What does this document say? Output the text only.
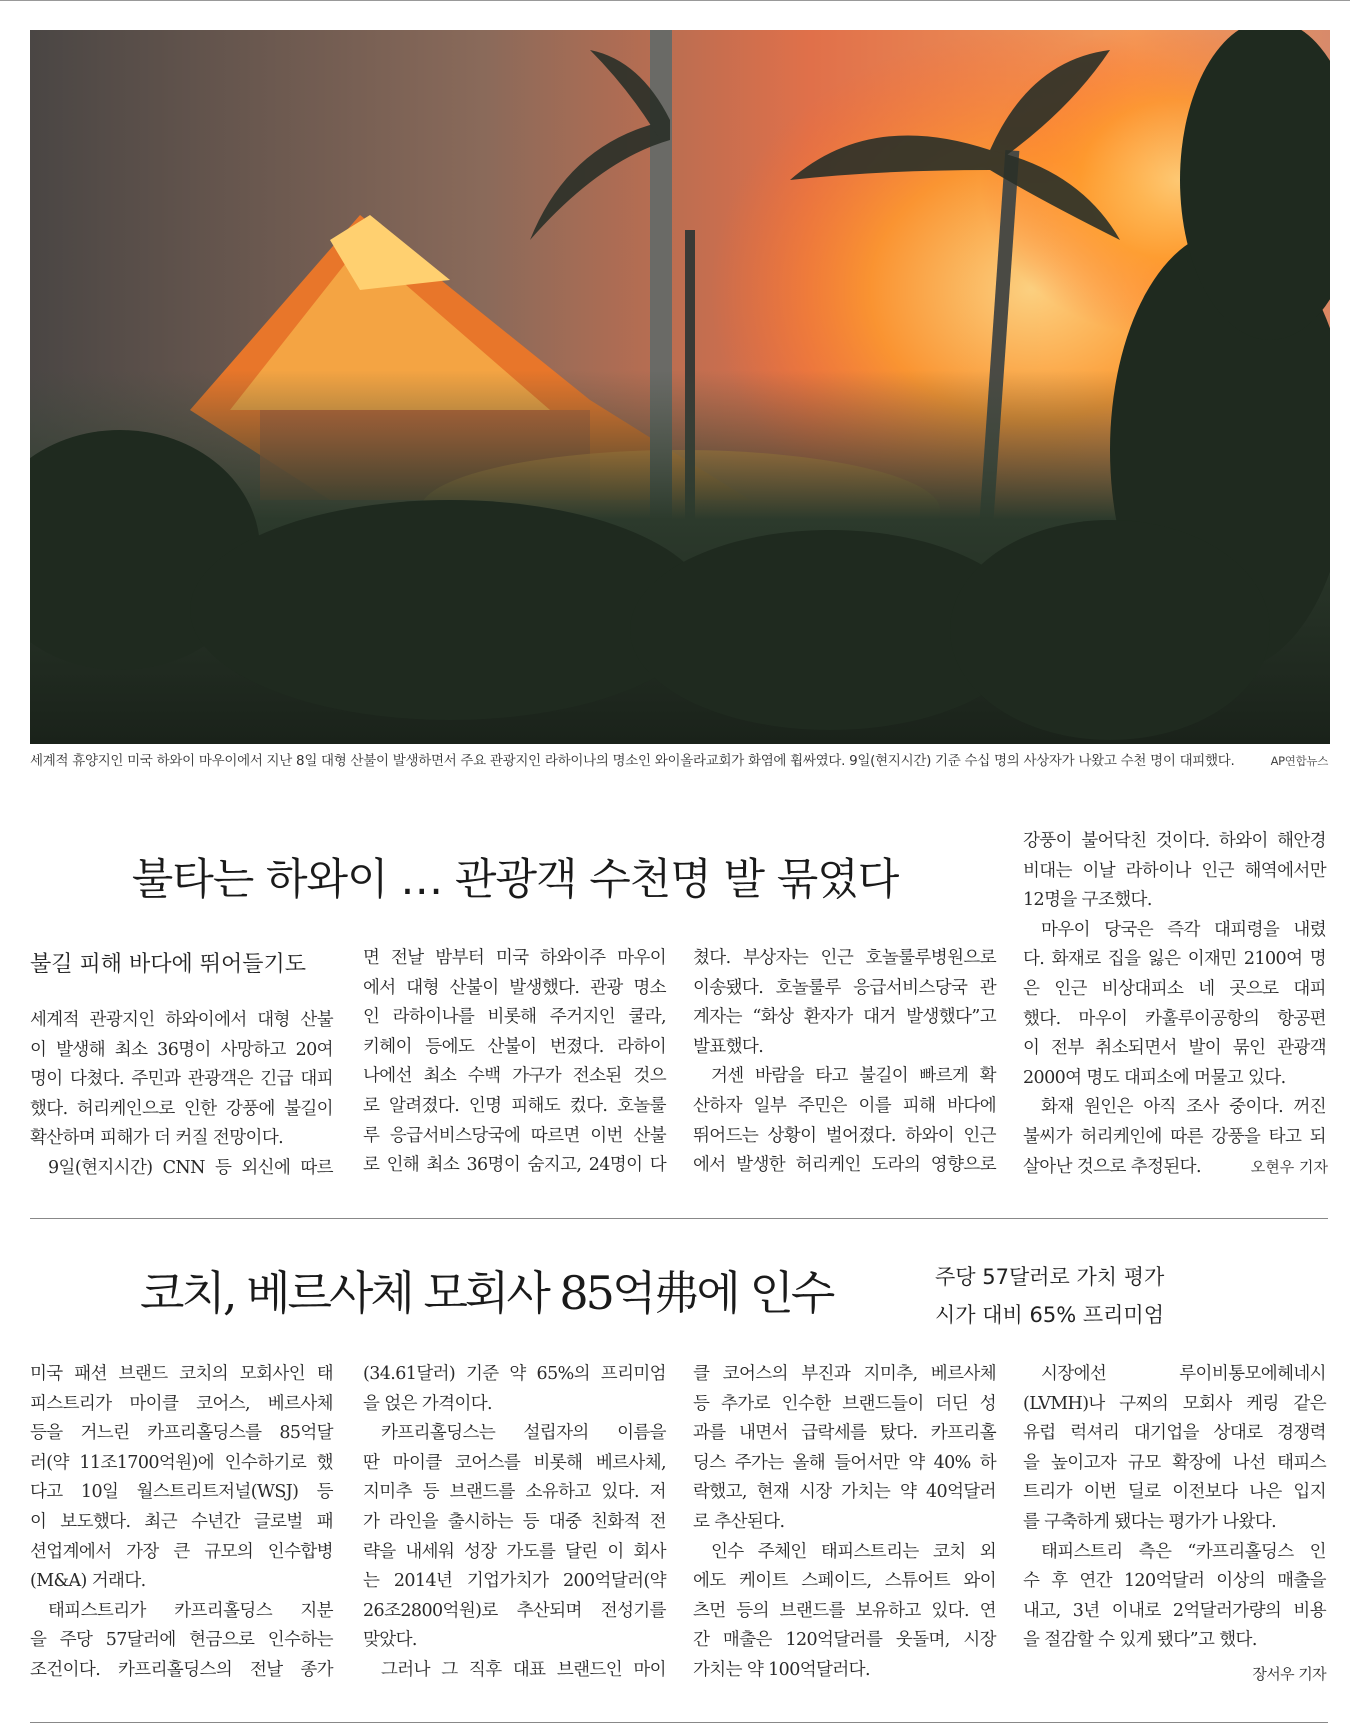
세계적 휴양지인 미국 하와이 마우이에서 지난 8일 대형 산불이 발생하면서 주요 관광지인 라하이나의 명소인 와이올라교회가 화염에 휩싸였다. 9일(현지시간) 기준 수십 명의 사상자가 나왔고 수천 명이 대피했다.	AP연합뉴스
불타는 하와이 … 관광객 수천명 발 묶였다
불길 피해 바다에 뛰어들기도
세계적 관광지인 하와이에서 대형 산불
이 발생해 최소 36명이 사망하고 20여
명이 다쳤다. 주민과 관광객은 긴급 대피
했다. 허리케인으로 인한 강풍에 불길이
확산하며 피해가 더 커질 전망이다.
9일(현지시간) CNN 등 외신에 따르
면 전날 밤부터 미국 하와이주 마우이
에서 대형 산불이 발생했다. 관광 명소
인 라하이나를 비롯해 주거지인 쿨라,
키헤이 등에도 산불이 번졌다. 라하이
나에선 최소 수백 가구가 전소된 것으
로 알려졌다. 인명 피해도 컸다. 호놀룰
루 응급서비스당국에 따르면 이번 산불
로 인해 최소 36명이 숨지고, 24명이 다
쳤다. 부상자는 인근 호놀룰루병원으로
이송됐다. 호놀룰루 응급서비스당국 관
계자는 “화상 환자가 대거 발생했다”고
발표했다.
거센 바람을 타고 불길이 빠르게 확
산하자 일부 주민은 이를 피해 바다에
뛰어드는 상황이 벌어졌다. 하와이 인근
에서 발생한 허리케인 도라의 영향으로
강풍이 불어닥친 것이다. 하와이 해안경
비대는 이날 라하이나 인근 해역에서만
12명을 구조했다.
마우이 당국은 즉각 대피령을 내렸
다. 화재로 집을 잃은 이재민 2100여 명
은 인근 비상대피소 네 곳으로 대피
했다. 마우이 카훌루이공항의 항공편
이 전부 취소되면서 발이 묶인 관광객
2000여 명도 대피소에 머물고 있다.
화재 원인은 아직 조사 중이다. 꺼진
불씨가 허리케인에 따른 강풍을 타고 되
살아난 것으로 추정된다.	오현우 기자
코치, 베르사체 모회사 85억弗에 인수	주당 57달러로 가치 평가
시가 대비 65% 프리미엄
미국 패션 브랜드 코치의 모회사인 태
피스트리가 마이클 코어스, 베르사체
등을 거느린 카프리홀딩스를 85억달
러(약 11조1700억원)에 인수하기로 했
다고 10일 월스트리트저널(WSJ) 등
이 보도했다. 최근 수년간 글로벌 패
션업계에서 가장 큰 규모의 인수합병
(M&A) 거래다.
태피스트리가 카프리홀딩스 지분
을 주당 57달러에 현금으로 인수하는
조건이다. 카프리홀딩스의 전날 종가
(34.61달러) 기준 약 65%의 프리미엄
을 얹은 가격이다.
카프리홀딩스는 설립자의 이름을
딴 마이클 코어스를 비롯해 베르사체,
지미추 등 브랜드를 소유하고 있다. 저
가 라인을 출시하는 등 대중 친화적 전
략을 내세워 성장 가도를 달린 이 회사
는 2014년 기업가치가 200억달러(약
26조2800억원)로 추산되며 전성기를
맞았다.
그러나 그 직후 대표 브랜드인 마이
클 코어스의 부진과 지미추, 베르사체
등 추가로 인수한 브랜드들이 더딘 성
과를 내면서 급락세를 탔다. 카프리홀
딩스 주가는 올해 들어서만 약 40% 하
락했고, 현재 시장 가치는 약 40억달러
로 추산된다.
인수 주체인 태피스트리는 코치 외
에도 케이트 스페이드, 스튜어트 와이
츠먼 등의 브랜드를 보유하고 있다. 연
간 매출은 120억달러를 웃돌며, 시장
가치는 약 100억달러다.
시장에선 루이비통모에헤네시
(LVMH)나 구찌의 모회사 케링 같은
유럽 럭셔리 대기업을 상대로 경쟁력
을 높이고자 규모 확장에 나선 태피스
트리가 이번 딜로 이전보다 나은 입지
를 구축하게 됐다는 평가가 나왔다.
태피스트리 측은 “카프리홀딩스 인
수 후 연간 120억달러 이상의 매출을
내고, 3년 이내로 2억달러가량의 비용
을 절감할 수 있게 됐다”고 했다.
장서우 기자
